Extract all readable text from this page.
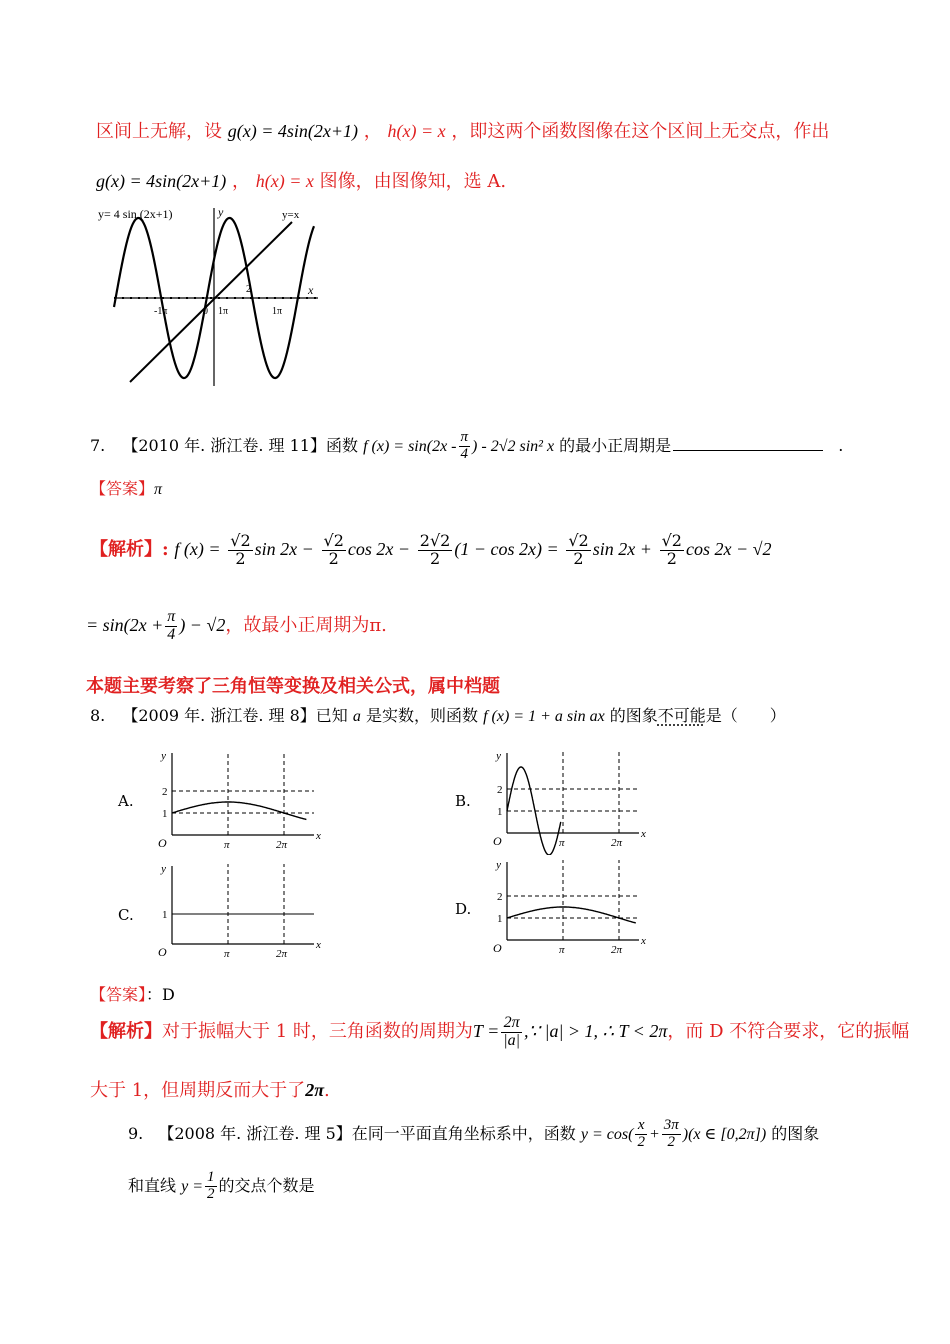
区间上无解，设 g(x) = 4sin(2x+1) ， h(x) = x ，即这两个函数图像在这个区间上无交点，作出
g(x) = 4sin(2x+1) ， h(x) = x 图像，由图像知，选 A.
y= 4 sin (2x+1)	y	y=x
x
-1π	0 1π	1π
2
7. 【2010 年. 浙江卷. 理 11】函数 f $(x) = \sin(2x - \frac{\pi}{4}$ ) - 2√2 sin² x 的最小正周期是	.
【答案】π
【解析】: f $(x) = \frac{√2}{2}$ $\sin 2x - \frac{√2}{2}$ $\cos 2x - \frac{2√2}{2} (1 - \cos 2x) = \frac{√2}{2}$ $\sin 2x + \frac{√2}{2}$ cos 2x − √2
= $\sin(2x + \frac{\pi}{4}$ ) − √2，故最小正周期为π.
本题主要考察了三角恒等变换及相关公式，属中档题
8. 【2009 年. 浙江卷. 理 8】已知 a 是实数，则函数 f (x) = 1 + a sin ax 的图象不可能是（　　）
A.
y
x
O	π	2π
1
2	B.
y
x
O	π	2π
1
2
C.
y
x
O	π	2π
1	D.
y
x
O	π	2π
1
2
【答案】：D
【解析】对于振幅大于 1 时，三角函数的周期为$T = \frac{2\pi}{|a|}$ ,∵ |a| > 1, ∴ T < 2π，而 D 不符合要求，它的振幅
大于 1，但周期反而大于了2π.
9. 【2008 年. 浙江卷. 理 5】在同一平面直角坐标系中，函数 $y = \cos( \frac{x}{2} + \frac{3\pi}{2} )(x$ ∈ [0,2π]) 的图象
和直线 $y = \frac{1}{2}$ 的交点个数是
